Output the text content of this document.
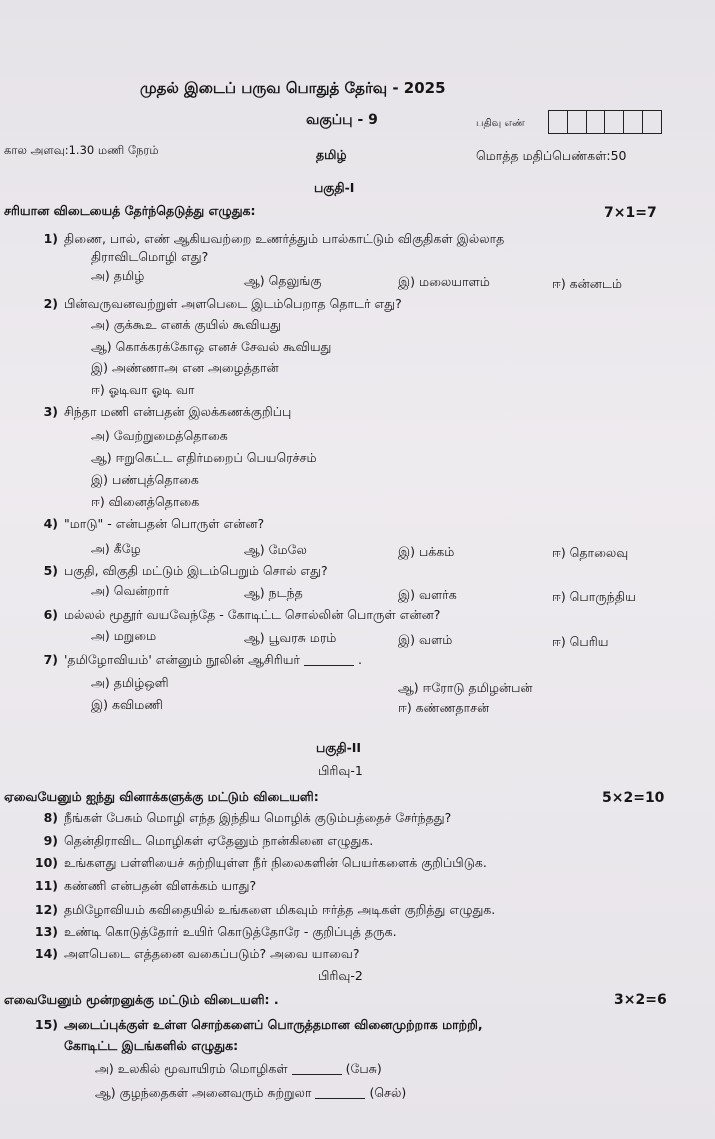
முதல் இடைப் பருவ பொதுத் தேர்வு - 2025
வகுப்பு - 9	பதிவு எண்
கால அளவு:1.30 மணி நேரம்	தமிழ்	மொத்த மதிப்பெண்கள்:50
பகுதி-I
சரியான விடையைத் தேர்ந்தெடுத்து எழுதுக:	7×1=7
1) திணை, பால், எண் ஆகியவற்றை உணர்த்தும் பால்காட்டும் விகுதிகள் இல்லாத
திராவிடமொழி எது?
அ) தமிழ்	ஆ) தெலுங்கு	இ) மலையாளம்	ஈ) கன்னடம்
2) பின்வருவனவற்றுள் அளபெடை இடம்பெறாத தொடர் எது?
அ) குக்கூஉ எனக் குயில் கூவியது
ஆ) கொக்கரக்கோஒ எனச் சேவல் கூவியது
இ) அண்ணாஅ என அழைத்தான்
ஈ) ஓடிவா ஓடி வா
3) சிந்தா மணி என்பதன் இலக்கணக்குறிப்பு
அ) வேற்றுமைத்தொகை
ஆ) ஈறுகெட்ட எதிர்மறைப் பெயரெச்சம்
இ) பண்புத்தொகை
ஈ) வினைத்தொகை
4) "மாடு" - என்பதன் பொருள் என்ன?
அ) கீழே	ஆ) மேலே	இ) பக்கம்	ஈ) தொலைவு
5) பகுதி, விகுதி மட்டும் இடம்பெறும் சொல் எது?
அ) வென்றார்	ஆ) நடந்த	இ) வளர்க	ஈ) பொருந்திய
6) மல்லல் மூதூர் வயவேந்தே - கோடிட்ட சொல்லின் பொருள் என்ன?
அ) மறுமை	ஆ) பூவரசு மரம்	இ) வளம்	ஈ) பெரிய
7) 'தமிழோவியம்' என்னும் நூலின் ஆசிரியர்	.
அ) தமிழ்ஒளி	ஆ) ஈரோடு தமிழன்பன்
இ) கவிமணி	ஈ) கண்ணதாசன்
பகுதி-II
பிரிவு-1
ஏவையேனும் ஐந்து வினாக்களுக்கு மட்டும் விடையளி:	5×2=10
8) நீங்கள் பேசும் மொழி எந்த இந்திய மொழிக் குடும்பத்தைச் சேர்ந்தது?
9) தென்திராவிட மொழிகள் ஏதேனும் நான்கினை எழுதுக.
10) உங்களது பள்ளியைச் சுற்றியுள்ள நீர் நிலைகளின் பெயர்களைக் குறிப்பிடுக.
11) கண்ணி என்பதன் விளக்கம் யாது?
12) தமிழோவியம் கவிதையில் உங்களை மிகவும் ஈர்த்த அடிகள் குறித்து எழுதுக.
13) உண்டி கொடுத்தோர் உயிர் கொடுத்தோரே - குறிப்புத் தருக.
14) அளபெடை எத்தனை வகைப்படும்? அவை யாவை?
பிரிவு-2
எவையேனும் மூன்றனுக்கு மட்டும் விடையளி: .	3×2=6
15) அடைப்புக்குள் உள்ள சொற்களைப் பொருத்தமான வினைமுற்றாக மாற்றி,
கோடிட்ட இடங்களில் எழுதுக:
அ) உலகில் மூவாயிரம் மொழிகள்	(பேசு)
ஆ) குழந்தைகள் அனைவரும் சுற்றுலா	(செல்)
